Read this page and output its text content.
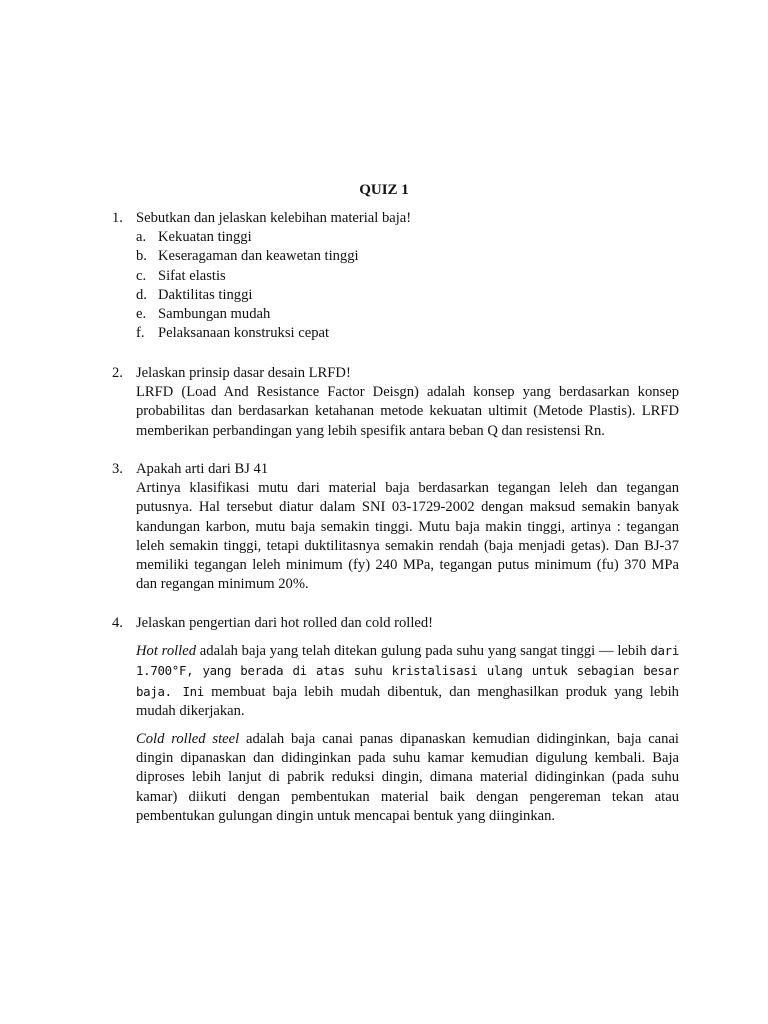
QUIZ 1
1. Sebutkan dan jelaskan kelebihan material baja!
a. Kekuatan tinggi
b. Keseragaman dan keawetan tinggi
c. Sifat elastis
d. Daktilitas tinggi
e. Sambungan mudah
f. Pelaksanaan konstruksi cepat
2. Jelaskan prinsip dasar desain LRFD!
LRFD (Load And Resistance Factor Deisgn) adalah konsep yang berdasarkan konsep probabilitas dan berdasarkan ketahanan metode kekuatan ultimit (Metode Plastis). LRFD memberikan perbandingan yang lebih spesifik antara beban Q dan resistensi Rn.
3. Apakah arti dari BJ 41
Artinya klasifikasi mutu dari material baja berdasarkan tegangan leleh dan tegangan putusnya. Hal tersebut diatur dalam SNI 03-1729-2002 dengan maksud semakin banyak kandungan karbon, mutu baja semakin tinggi. Mutu baja makin tinggi, artinya : tegangan leleh semakin tinggi, tetapi duktilitasnya semakin rendah (baja menjadi getas). Dan BJ-37 memiliki tegangan leleh minimum (fy) 240 MPa, tegangan putus minimum (fu) 370 MPa dan regangan minimum 20%.
4. Jelaskan pengertian dari hot rolled dan cold rolled!
Hot rolled adalah baja yang telah ditekan gulung pada suhu yang sangat tinggi — lebih dari 1.700°F, yang berada di atas suhu kristalisasi ulang untuk sebagian besar baja. Ini membuat baja lebih mudah dibentuk, dan menghasilkan produk yang lebih mudah dikerjakan.
Cold rolled steel adalah baja canai panas dipanaskan kemudian didinginkan, baja canai dingin dipanaskan dan didinginkan pada suhu kamar kemudian digulung kembali. Baja diproses lebih lanjut di pabrik reduksi dingin, dimana material didinginkan (pada suhu kamar) diikuti dengan pembentukan material baik dengan pengereman tekan atau pembentukan gulungan dingin untuk mencapai bentuk yang diinginkan.
